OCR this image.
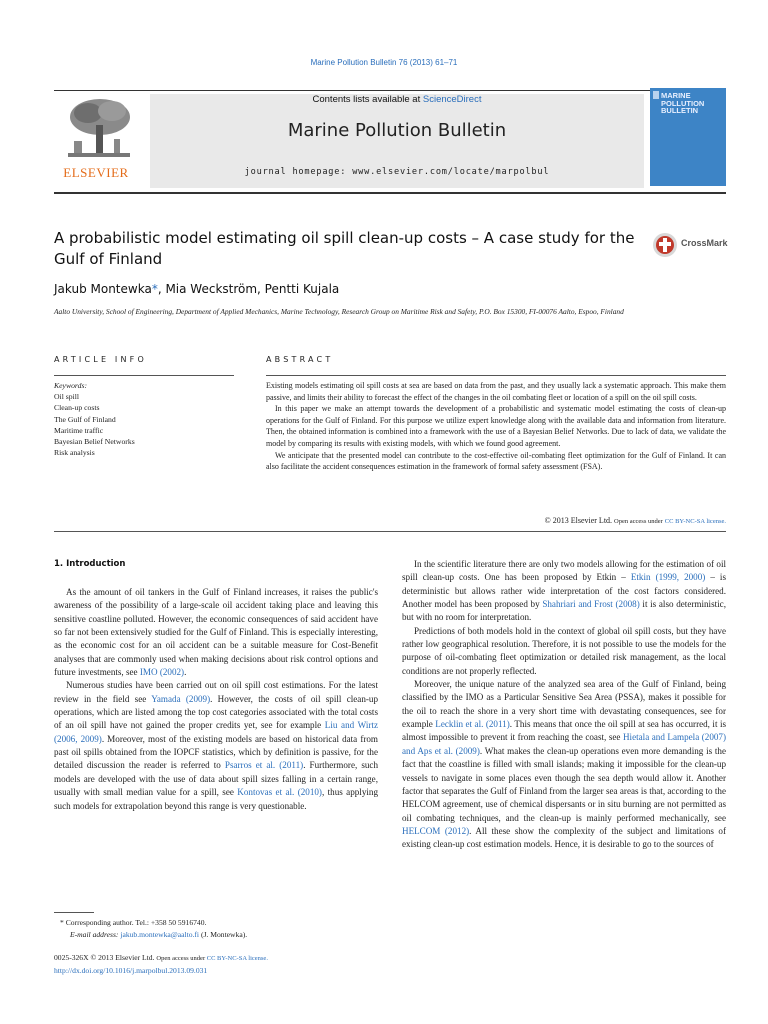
Marine Pollution Bulletin 76 (2013) 61–71
ELSEVIER
Contents lists available at ScienceDirect
Marine Pollution Bulletin
journal homepage: www.elsevier.com/locate/marpolbul
MARINE POLLUTION BULLETIN
A probabilistic model estimating oil spill clean-up costs – A case study for the Gulf of Finland
CrossMark
Jakub Montewka*, Mia Weckström, Pentti Kujala
Aalto University, School of Engineering, Department of Applied Mechanics, Marine Technology, Research Group on Maritime Risk and Safety, P.O. Box 15300, FI-00076 Aalto, Espoo, Finland
ARTICLE INFO
Keywords:
Oil spill
Clean-up costs
The Gulf of Finland
Maritime traffic
Bayesian Belief Networks
Risk analysis
ABSTRACT

Existing models estimating oil spill costs at sea are based on data from the past, and they usually lack a systematic approach. This make them passive, and limits their ability to forecast the effect of the changes in the oil combating fleet or location of a spill on the oil spill costs.

In this paper we make an attempt towards the development of a probabilistic and systematic model estimating the costs of clean-up operations for the Gulf of Finland. For this purpose we utilize expert knowledge along with the available data and information from literature. Then, the obtained information is combined into a framework with the use of a Bayesian Belief Networks. Due to lack of data, we validate the model by comparing its results with existing models, with which we found good agreement.

We anticipate that the presented model can contribute to the cost-effective oil-combating fleet optimization for the Gulf of Finland. It can also facilitate the accident consequences estimation in the framework of formal safety assessment (FSA).

© 2013 Elsevier Ltd. Open access under CC BY-NC-SA license.
1. Introduction

As the amount of oil tankers in the Gulf of Finland increases, it raises the public's awareness of the possibility of a large-scale oil accident taking place and leaving this sensitive coastline polluted. However, the economic consequences of said accident have so far not been extensively studied for the Gulf of Finland. This is especially interesting, as the economic cost for an oil accident can be a suitable measure for Cost-Benefit analyses that are commonly used when making decisions about risk control options and future investments, see IMO (2002).

Numerous studies have been carried out on oil spill cost estimations. For the latest review in the field see Yamada (2009). However, the costs of oil spill clean-up operations, which are listed among the top cost categories associated with the total costs of an oil spill have not gained the proper credits yet, see for example Liu and Wirtz (2006, 2009). Moreover, most of the existing models are based on historical data from past oil spills obtained from the IOPCF statistics, which by definition is passive, for the detailed discussion the reader is referred to Psarros et al. (2011). Furthermore, such models are developed with the use of data about spill sizes falling in a certain range, usually with small median value for a spill, see Kontovas et al. (2010), thus applying such models for extrapolation beyond this range is very questionable.

In the scientific literature there are only two models allowing for the estimation of oil spill clean-up costs. One has been proposed by Etkin – Etkin (1999, 2000) – is deterministic but allows rather wide interpretation of the cost factors considered. Another model has been proposed by Shahriari and Frost (2008) it is also deterministic, but with no room for interpretation.

Predictions of both models hold in the context of global oil spill costs, but they have rather low geographical resolution. Therefore, it is not possible to use the models for the purpose of oil-combating fleet optimization or detailed risk management, as the local conditions are not properly reflected.

Moreover, the unique nature of the analyzed sea area of the Gulf of Finland, being classified by the IMO as a Particular Sensitive Sea Area (PSSA), makes it possible for the oil to reach the shore in a very short time with devastating consequences, see for example Lecklin et al. (2011). This means that once the oil spill at sea has occurred, it is almost impossible to prevent it from reaching the coast, see Hietala and Lampela (2007) and Aps et al. (2009). What makes the clean-up operations even more demanding is the fact that the coastline is filled with small islands; making it impossible for the clean-up vessels to navigate in some places even though the sea depth would allow it. Another factor that separates the Gulf of Finland from the larger sea areas is that, according to the HELCOM agreement, use of chemical dispersants or in situ burning are not permitted as oil combating techniques, and the clean-up is mainly performed mechanically, see HELCOM (2012). All these show the complexity of the subject and limitations of existing clean-up cost estimation models. Hence, it is desirable to go to the sources of

* Corresponding author. Tel.: +358 50 5916740.
E-mail address: jakub.montewka@aalto.fi (J. Montewka).
0025-326X © 2013 Elsevier Ltd. Open access under CC BY-NC-SA license.
http://dx.doi.org/10.1016/j.marpolbul.2013.09.031
